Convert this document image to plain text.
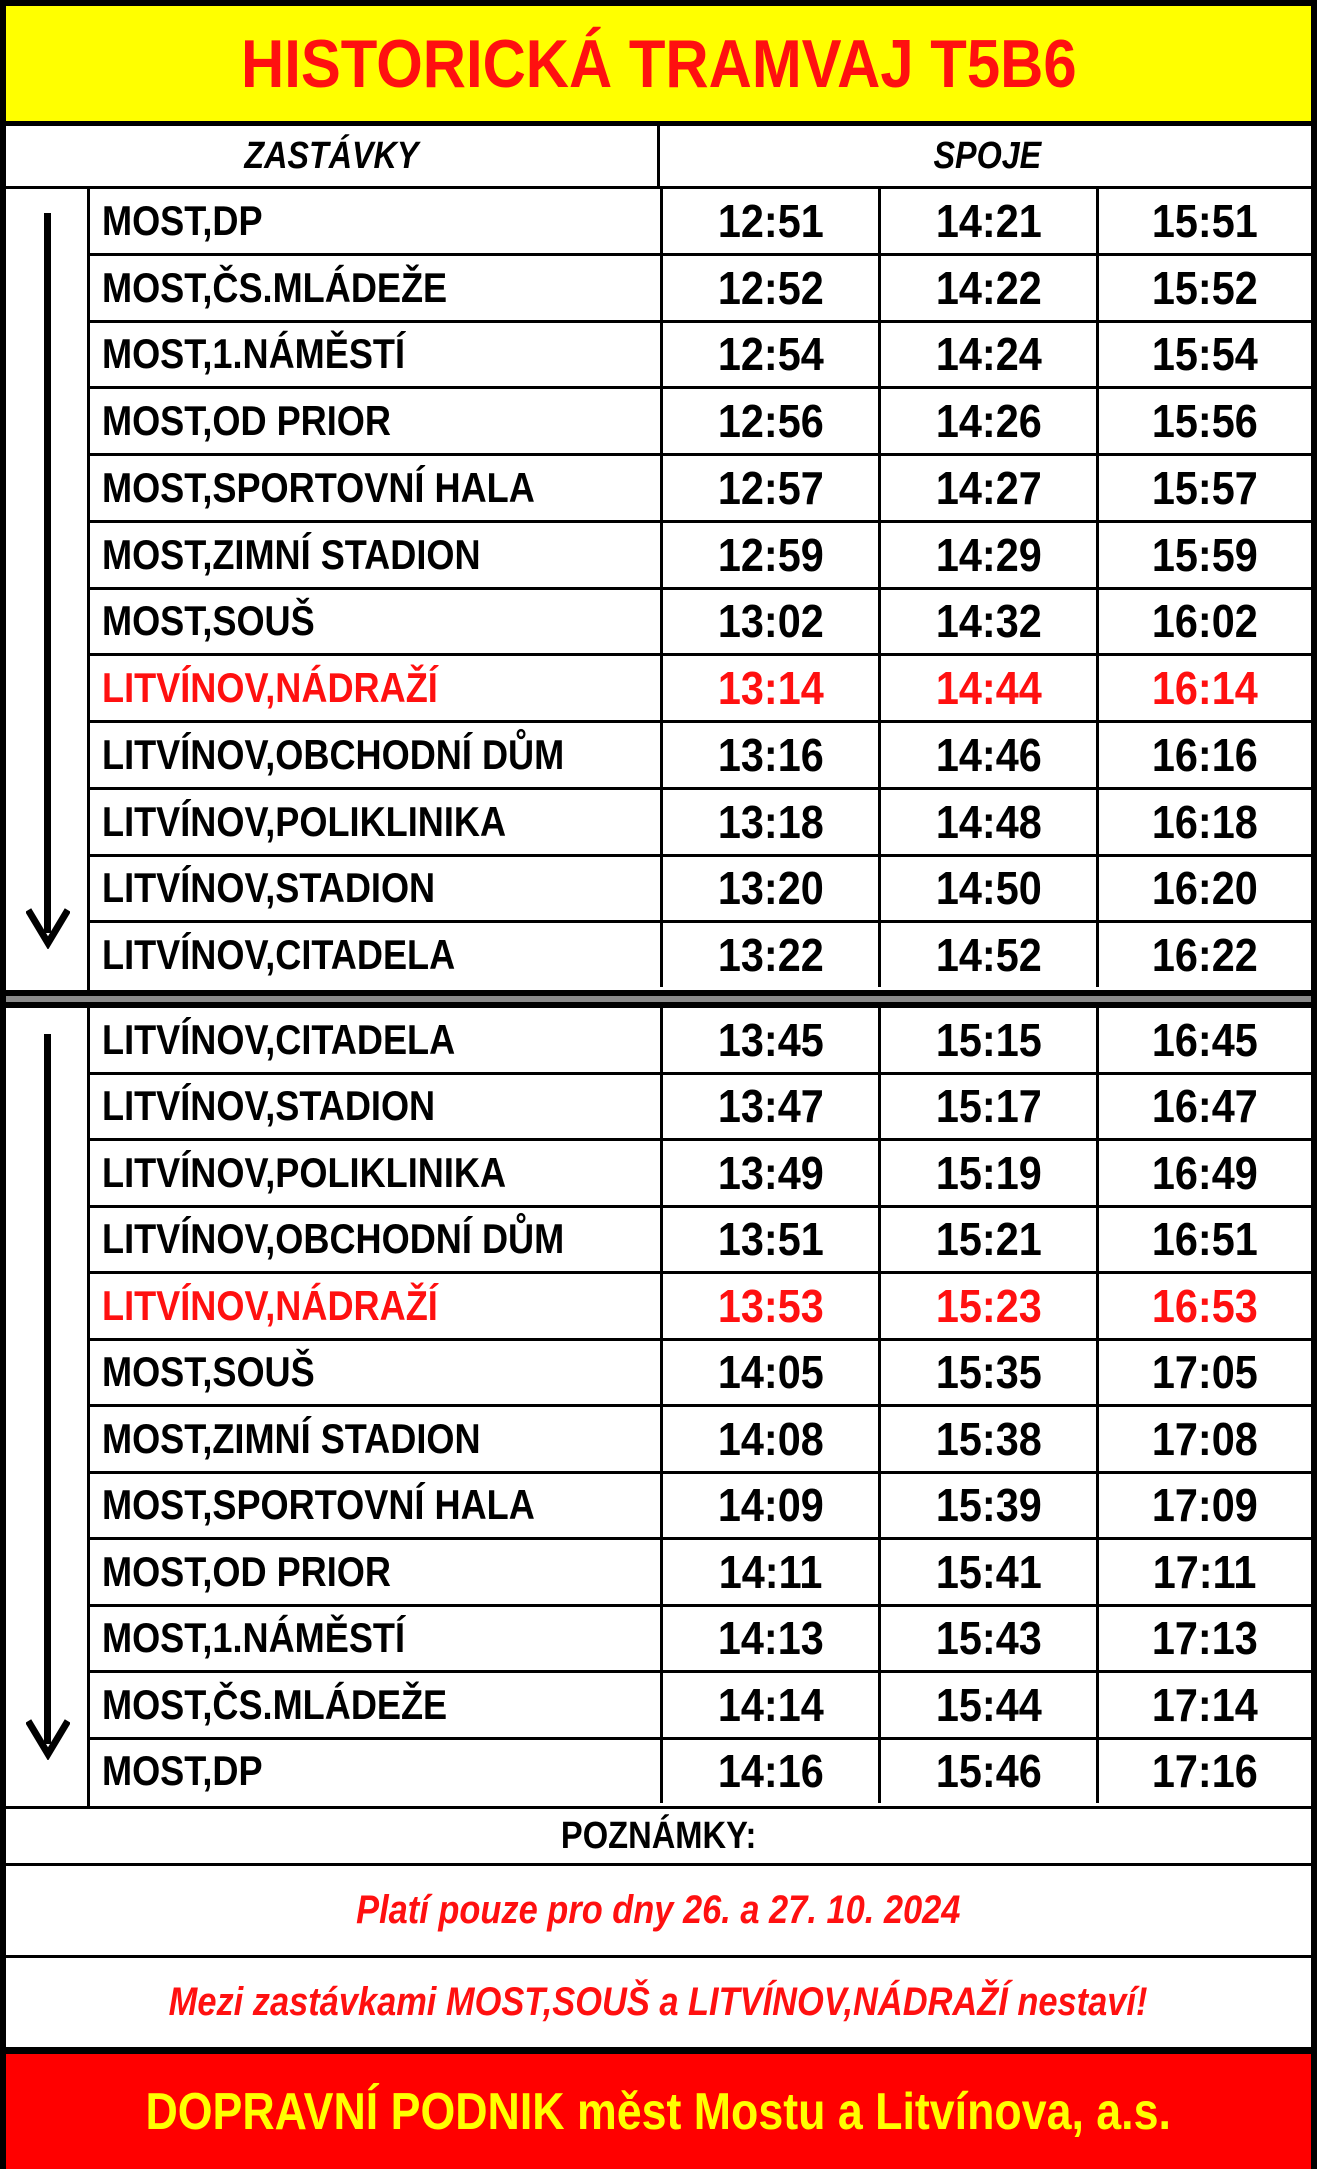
HISTORICKÁ TRAMVAJ T5B6
ZASTÁVKY	SPOJE
MOST,DP	12:51 14:21 15:51
MOST,ČS.MLÁDEŽE	12:52 14:22 15:52
MOST,1.NÁMĚSTÍ	12:54 14:24 15:54
MOST,OD PRIOR	12:56 14:26 15:56
MOST,SPORTOVNÍ HALA	12:57 14:27 15:57
MOST,ZIMNÍ STADION	12:59 14:29 15:59
MOST,SOUŠ	13:02 14:32 16:02
LITVÍNOV,NÁDRAŽÍ	13:14 14:44 16:14
LITVÍNOV,OBCHODNÍ DŮM	13:16 14:46 16:16
LITVÍNOV,POLIKLINIKA	13:18 14:48 16:18
LITVÍNOV,STADION	13:20 14:50 16:20
LITVÍNOV,CITADELA	13:22 14:52 16:22
LITVÍNOV,CITADELA	13:45 15:15 16:45
LITVÍNOV,STADION	13:47 15:17 16:47
LITVÍNOV,POLIKLINIKA	13:49 15:19 16:49
LITVÍNOV,OBCHODNÍ DŮM	13:51 15:21 16:51
LITVÍNOV,NÁDRAŽÍ	13:53 15:23 16:53
MOST,SOUŠ	14:05 15:35 17:05
MOST,ZIMNÍ STADION	14:08 15:38 17:08
MOST,SPORTOVNÍ HALA	14:09 15:39 17:09
MOST,OD PRIOR	14:11 15:41 17:11
MOST,1.NÁMĚSTÍ	14:13 15:43 17:13
MOST,ČS.MLÁDEŽE	14:14 15:44 17:14
MOST,DP	14:16 15:46 17:16
POZNÁMKY:
Platí pouze pro dny 26. a 27. 10. 2024
Mezi zastávkami MOST,SOUŠ a LITVÍNOV,NÁDRAŽÍ nestaví!
DOPRAVNÍ PODNIK měst Mostu a Litvínova, a.s.
